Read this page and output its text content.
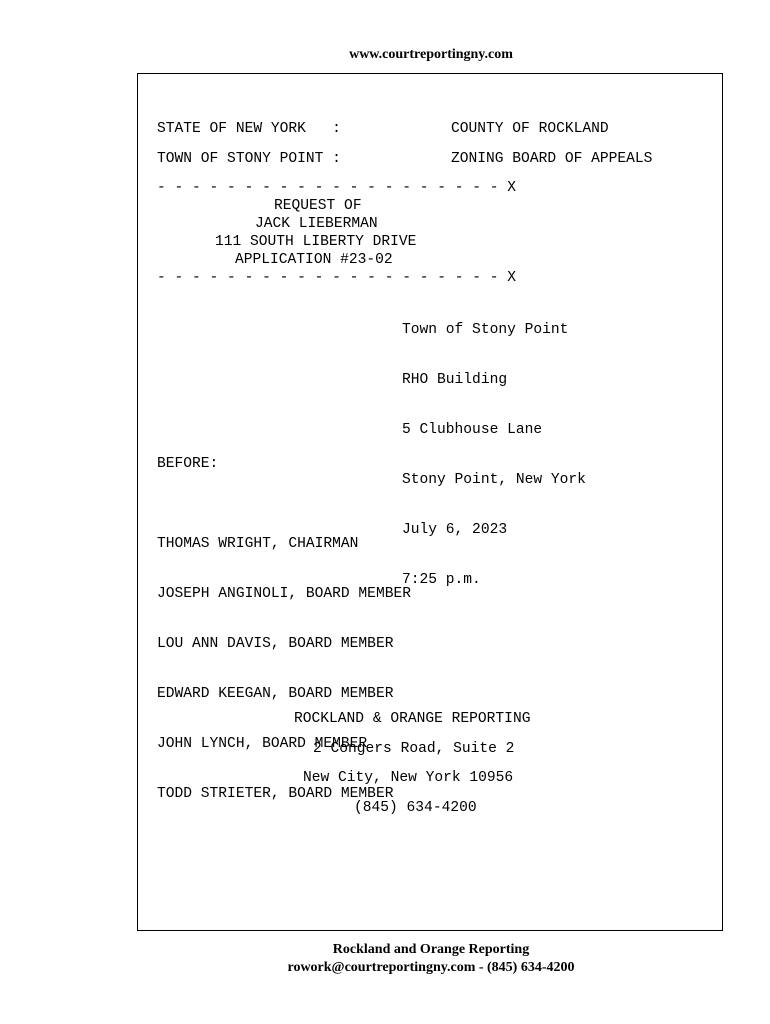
www.courtreportingny.com
STATE OF NEW YORK   :	COUNTY OF ROCKLAND
TOWN OF STONY POINT :	ZONING BOARD OF APPEALS
- - - - - - - - - - - - - - - - - - - - X
REQUEST OF
JACK LIEBERMAN
111 SOUTH LIBERTY DRIVE
APPLICATION #23-02
- - - - - - - - - - - - - - - - - - - - X

Town of Stony Point

RHO Building

5 Clubhouse Lane

Stony Point, New York

July 6, 2023

7:25 p.m.

BEFORE:

THOMAS WRIGHT, CHAIRMAN

JOSEPH ANGINOLI, BOARD MEMBER

LOU ANN DAVIS, BOARD MEMBER

EDWARD KEEGAN, BOARD MEMBER

JOHN LYNCH, BOARD MEMBER

TODD STRIETER, BOARD MEMBER

ROCKLAND & ORANGE REPORTING
2 Congers Road, Suite 2
New City, New York 10956
(845) 634-4200
Rockland and Orange Reporting
rowork@courtreportingny.com - (845) 634-4200
